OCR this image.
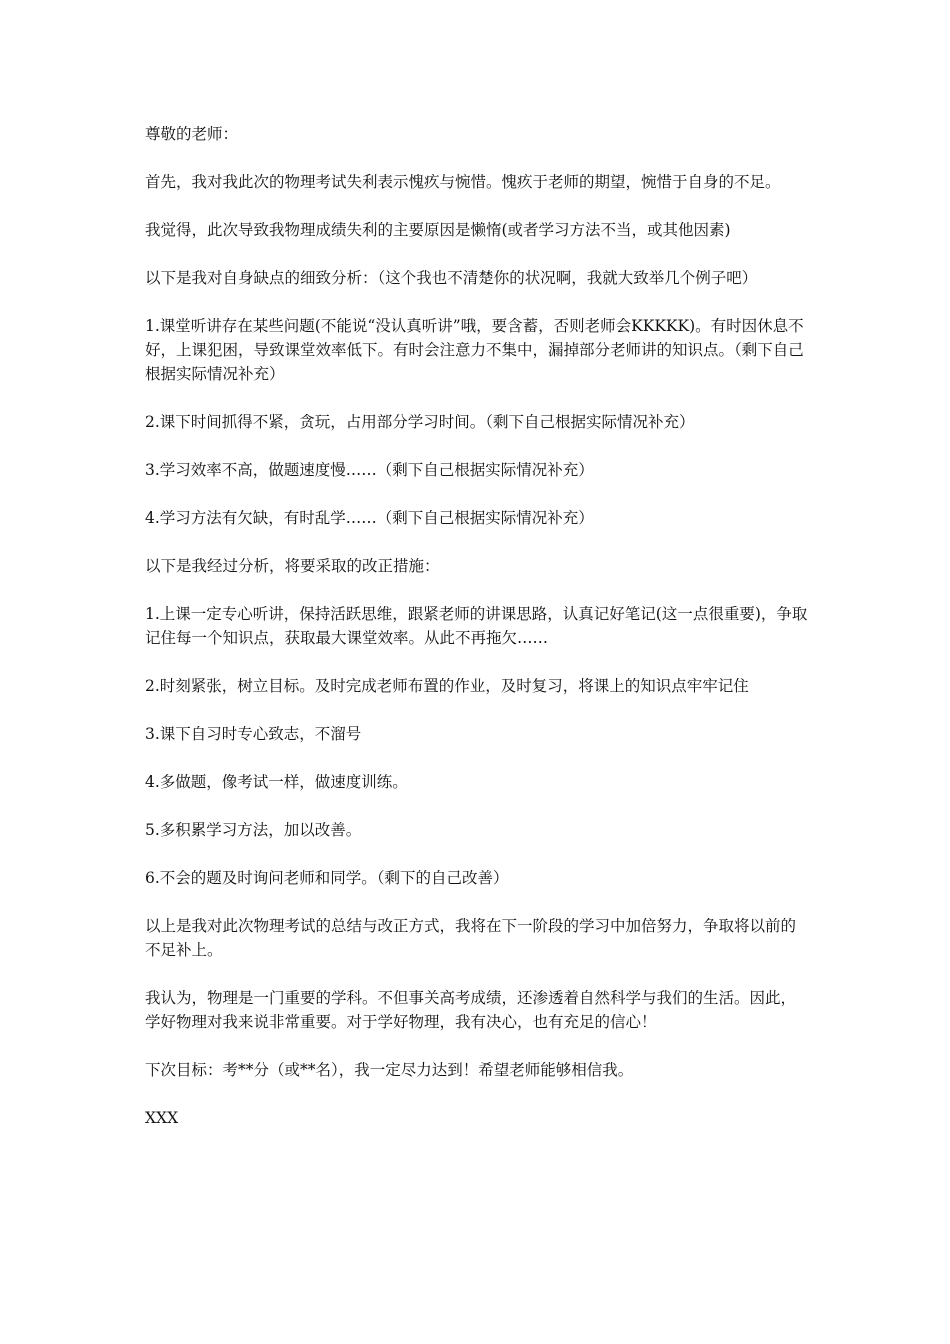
尊敬的老师：

首先，我对我此次的物理考试失利表示愧疚与惋惜。愧疚于老师的期望，惋惜于自身的不足。

我觉得，此次导致我物理成绩失利的主要原因是懒惰(或者学习方法不当，或其他因素)

以下是我对自身缺点的细致分析：（这个我也不清楚你的状况啊，我就大致举几个例子吧）

1.课堂听讲存在某些问题(不能说“没认真听讲”哦，要含蓄，否则老师会KKKKK)。有时因休息不好，上课犯困，导致课堂效率低下。有时会注意力不集中，漏掉部分老师讲的知识点。（剩下自己根据实际情况补充）

2.课下时间抓得不紧，贪玩，占用部分学习时间。（剩下自己根据实际情况补充）

3.学习效率不高，做题速度慢……（剩下自己根据实际情况补充）

4.学习方法有欠缺，有时乱学……（剩下自己根据实际情况补充）

以下是我经过分析，将要采取的改正措施：

1.上课一定专心听讲，保持活跃思维，跟紧老师的讲课思路，认真记好笔记(这一点很重要)，争取记住每一个知识点，获取最大课堂效率。从此不再拖欠……

2.时刻紧张，树立目标。及时完成老师布置的作业，及时复习，将课上的知识点牢牢记住

3.课下自习时专心致志，不溜号

4.多做题，像考试一样，做速度训练。

5.多积累学习方法，加以改善。

6.不会的题及时询问老师和同学。（剩下的自己改善）

以上是我对此次物理考试的总结与改正方式，我将在下一阶段的学习中加倍努力，争取将以前的不足补上。

我认为，物理是一门重要的学科。不但事关高考成绩，还渗透着自然科学与我们的生活。因此，学好物理对我来说非常重要。对于学好物理，我有决心，也有充足的信心！

下次目标：考**分（或**名），我一定尽力达到！希望老师能够相信我。

XXX
